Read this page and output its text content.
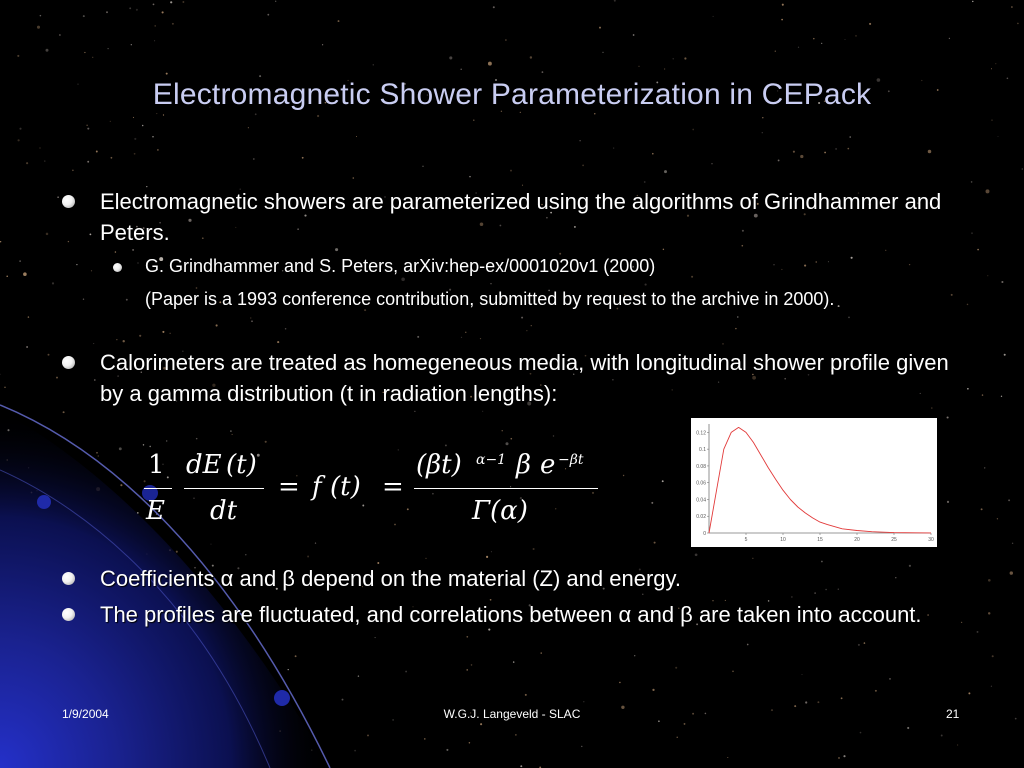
Electromagnetic Shower Parameterization in CEPack
Electromagnetic showers are parameterized using the algorithms of Grindhammer and Peters.
G. Grindhammer and S. Peters, arXiv:hep-ex/0001020v1 (2000)
(Paper is a 1993 conference contribution, submitted by request to the archive in 2000).
Calorimeters are treated as homegeneous media, with longitudinal shower profile given by a gamma distribution (t in radiation lengths):
1
E
dE (t)
dt
= f (t) =
(βt) α−1 β e −βt
Γ(α)
5	10	15	20	25	30
0
0.02
0.04
0.06
0.08
0.1
0.12
Coefficients α and β depend on the material (Z) and energy.
The profiles are fluctuated, and correlations between α and β are taken into account.
1/9/2004	W.G.J. Langeveld - SLAC	21
